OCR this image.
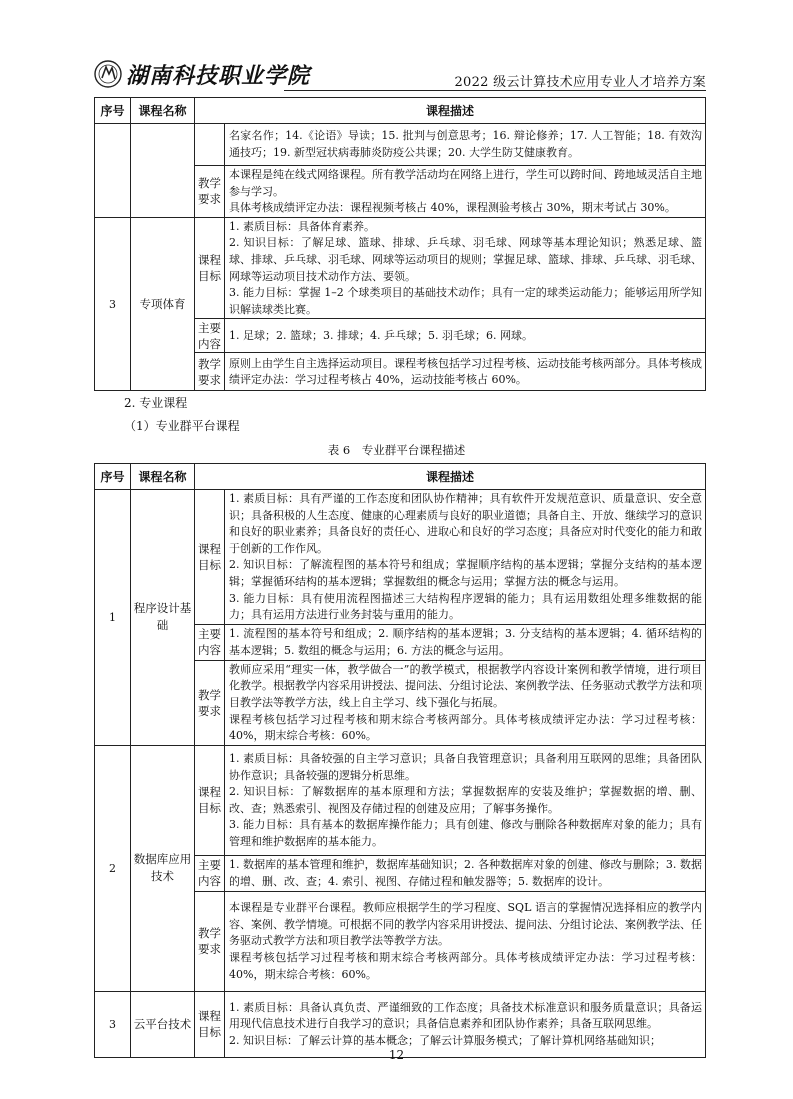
湖南科技职业学院	2022 级云计算技术应用专业人才培养方案
序号	课程名称	课程描述	
			名家名作；14.《论语》导读；15. 批判与创意思考；16. 辩论修养；17. 人工智能；18. 有效沟通技巧；19. 新型冠状病毒肺炎防疫公共课；20. 大学生防艾健康教育。
		教学要求	本课程是纯在线式网络课程。所有教学活动均在网络上进行，学生可以跨时间、跨地域灵活自主地参与学习。

具体考核成绩评定办法：课程视频考核占 40%，课程测验考核占 30%，期末考试占 30%。

3	专项体育	课程目标	1. 素质目标：具备体育素养。

2. 知识目标：了解足球、篮球、排球、乒乓球、羽毛球、网球等基本理论知识；熟悉足球、篮球、排球、乒乓球、羽毛球、网球等运动项目的规则；掌握足球、篮球、排球、乒乓球、羽毛球、网球等运动项目技术动作方法、要领。

3. 能力目标：掌握 1–2 个球类项目的基础技术动作；具有一定的球类运动能力；能够运用所学知识解读球类比赛。

		主要内容	1. 足球；2. 篮球；3. 排球；4. 乒乓球；5. 羽毛球；6. 网球。
		教学要求	原则上由学生自主选择运动项目。课程考核包括学习过程考核、运动技能考核两部分。具体考核成绩评定办法：学习过程考核占 40%，运动技能考核占 60%。
2. 专业课程
（1）专业群平台课程
表 6　专业群平台课程描述
序号	课程名称	课程描述	
1	程序设计基础	课程目标	1. 素质目标：具有严谨的工作态度和团队协作精神；具有软件开发规范意识、质量意识、安全意识；具备积极的人生态度、健康的心理素质与良好的职业道德；具备自主、开放、继续学习的意识和良好的职业素养；具备良好的责任心、进取心和良好的学习态度；具备应对时代变化的能力和敢于创新的工作作风。

2. 知识目标：了解流程图的基本符号和组成；掌握顺序结构的基本逻辑；掌握分支结构的基本逻辑；掌握循环结构的基本逻辑；掌握数组的概念与运用；掌握方法的概念与运用。

3. 能力目标：具有使用流程图描述三大结构程序逻辑的能力；具有运用数组处理多维数据的能力；具有运用方法进行业务封装与重用的能力。

		主要内容	1. 流程图的基本符号和组成；2. 顺序结构的基本逻辑；3. 分支结构的基本逻辑；4. 循环结构的基本逻辑；5. 数组的概念与运用；6. 方法的概念与运用。
		教学要求	教师应采用“理实一体，教学做合一”的教学模式，根据教学内容设计案例和教学情境，进行项目化教学。根据教学内容采用讲授法、提问法、分组讨论法、案例教学法、任务驱动式教学方法和项目教学法等教学方法，线上自主学习、线下强化与拓展。

课程考核包括学习过程考核和期末综合考核两部分。具体考核成绩评定办法：学习过程考核：40%，期末综合考核：60%。

2	数据库应用技术	课程目标	1. 素质目标：具备较强的自主学习意识；具备自我管理意识；具备利用互联网的思维；具备团队协作意识；具备较强的逻辑分析思维。

2. 知识目标：了解数据库的基本原理和方法；掌握数据库的安装及维护；掌握数据的增、删、改、查；熟悉索引、视图及存储过程的创建及应用；了解事务操作。

3. 能力目标：具有基本的数据库操作能力；具有创建、修改与删除各种数据库对象的能力；具有管理和维护数据库的基本能力。

		主要内容	1. 数据库的基本管理和维护，数据库基础知识；2. 各种数据库对象的创建、修改与删除；3. 数据的增、删、改、查；4. 索引、视图、存储过程和触发器等；5. 数据库的设计。
		教学要求	本课程是专业群平台课程。教师应根据学生的学习程度、SQL 语言的掌握情况选择相应的教学内容、案例、教学情境。可根据不同的教学内容采用讲授法、提问法、分组讨论法、案例教学法、任务驱动式教学方法和项目教学法等教学方法。

课程考核包括学习过程考核和期末综合考核两部分。具体考核成绩评定办法：学习过程考核：40%，期末综合考核：60%。

3	云平台技术	课程目标	1. 素质目标：具备认真负责、严谨细致的工作态度；具备技术标准意识和服务质量意识；具备运用现代信息技术进行自我学习的意识；具备信息素养和团队协作素养；具备互联网思维。

2. 知识目标：了解云计算的基本概念；了解云计算服务模式；了解计算机网络基础知识；

12
